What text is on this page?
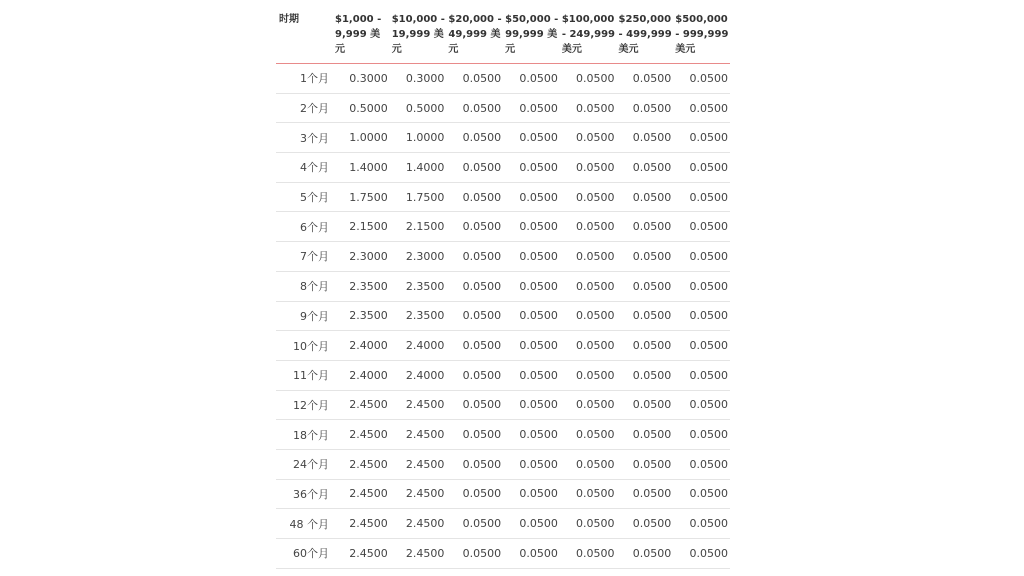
时期	$1,000 - 9,999 美元	$10,000 - 19,999 美元	$20,000 - 49,999 美元	$50,000 - 99,999 美元	$100,000 - 249,999 美元	$250,000 - 499,999 美元	$500,000 - 999,999 美元
1个月	0.3000	0.3000	0.0500	0.0500	0.0500	0.0500	0.0500
2个月	0.5000	0.5000	0.0500	0.0500	0.0500	0.0500	0.0500
3个月	1.0000	1.0000	0.0500	0.0500	0.0500	0.0500	0.0500
4个月	1.4000	1.4000	0.0500	0.0500	0.0500	0.0500	0.0500
5个月	1.7500	1.7500	0.0500	0.0500	0.0500	0.0500	0.0500
6个月	2.1500	2.1500	0.0500	0.0500	0.0500	0.0500	0.0500
7个月	2.3000	2.3000	0.0500	0.0500	0.0500	0.0500	0.0500
8个月	2.3500	2.3500	0.0500	0.0500	0.0500	0.0500	0.0500
9个月	2.3500	2.3500	0.0500	0.0500	0.0500	0.0500	0.0500
10个月	2.4000	2.4000	0.0500	0.0500	0.0500	0.0500	0.0500
11个月	2.4000	2.4000	0.0500	0.0500	0.0500	0.0500	0.0500
12个月	2.4500	2.4500	0.0500	0.0500	0.0500	0.0500	0.0500
18个月	2.4500	2.4500	0.0500	0.0500	0.0500	0.0500	0.0500
24个月	2.4500	2.4500	0.0500	0.0500	0.0500	0.0500	0.0500
36个月	2.4500	2.4500	0.0500	0.0500	0.0500	0.0500	0.0500
48 个月	2.4500	2.4500	0.0500	0.0500	0.0500	0.0500	0.0500
60个月	2.4500	2.4500	0.0500	0.0500	0.0500	0.0500	0.0500
